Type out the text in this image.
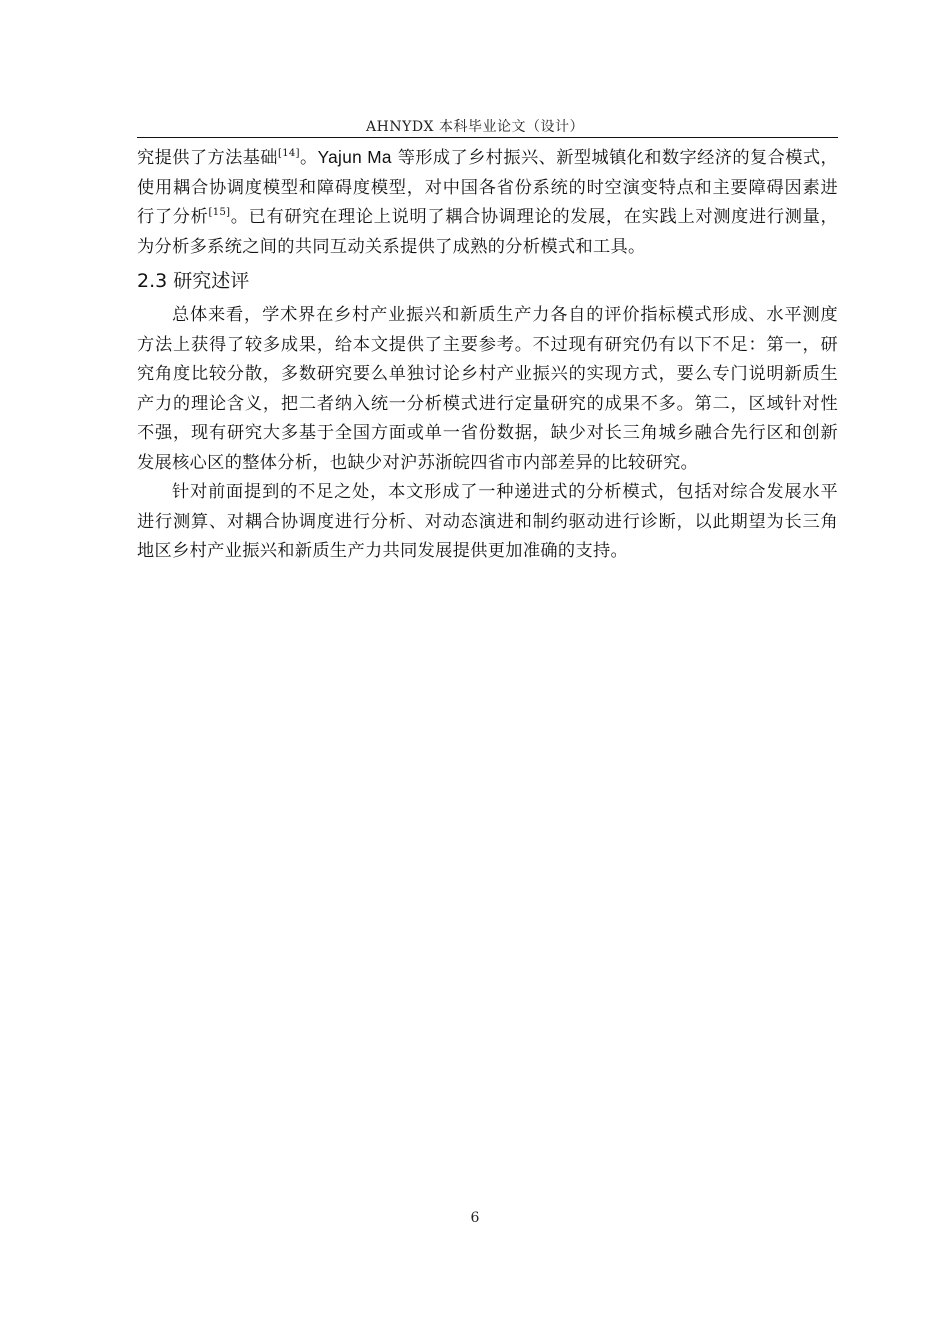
AHNYDX 本科毕业论文（设计）

究提供了方法基础[14]。Yajun Ma 等形成了乡村振兴、新型城镇化和数字经济的复合模式，使用耦合协调度模型和障碍度模型，对中国各省份系统的时空演变特点和主要障碍因素进行了分析[15]。已有研究在理论上说明了耦合协调理论的发展，在实践上对测度进行测量，为分析多系统之间的共同互动关系提供了成熟的分析模式和工具。

2.3 研究述评

总体来看，学术界在乡村产业振兴和新质生产力各自的评价指标模式形成、水平测度方法上获得了较多成果，给本文提供了主要参考。不过现有研究仍有以下不足：第一，研究角度比较分散，多数研究要么单独讨论乡村产业振兴的实现方式，要么专门说明新质生产力的理论含义，把二者纳入统一分析模式进行定量研究的成果不多。第二，区域针对性不强，现有研究大多基于全国方面或单一省份数据，缺少对长三角城乡融合先行区和创新发展核心区的整体分析，也缺少对沪苏浙皖四省市内部差异的比较研究。

针对前面提到的不足之处，本文形成了一种递进式的分析模式，包括对综合发展水平进行测算、对耦合协调度进行分析、对动态演进和制约驱动进行诊断，以此期望为长三角地区乡村产业振兴和新质生产力共同发展提供更加准确的支持。

6
